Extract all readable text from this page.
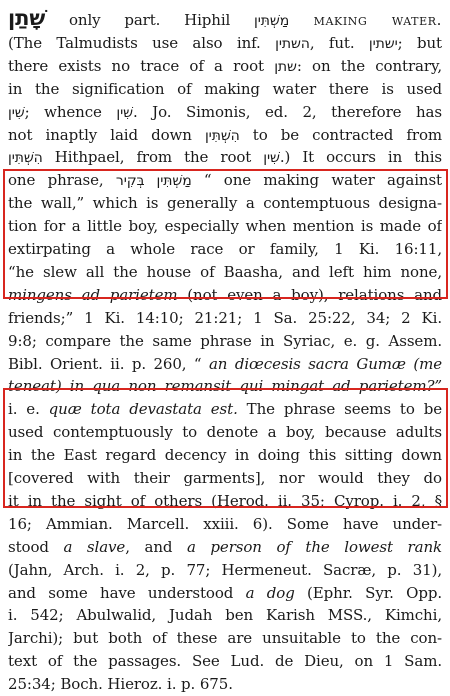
שָׁתַן only part. Hiphil מַשְׁתִּין making water.
(The Talmudists use also inf. השתין, fut. ישתין; but
there exists no trace of a root שתן: on the contrary,
in the signification of making water there is used
שִׁין; whence שִׁין. Jo. Simonis, ed. 2, therefore has
not inaptly laid down הִשְׁתִּין to be contracted from
הִשְׁתִּין Hithpael, from the root שִׁין.) It occurs in this
one phrase, מַשְׁתִּין בְּקִיר “ one making water against
the wall,” which is generally a contemptuous designa-
tion for a little boy, especially when mention is made of
extirpating a whole race or family, 1 Ki. 16:11,
“he slew all the house of Baasha, and left him none,
mingens ad parietem (not even a boy), relations and
friends;” 1 Ki. 14:10; 21:21; 1 Sa. 25:22, 34; 2 Ki.
9:8; compare the same phrase in Syriac, e. g. Assem.
Bibl. Orient. ii. p. 260, “ an diœcesis sacra Gumæ (me
teneat) in qua non remansit qui mingat ad parietem?”
i. e. quæ tota devastata est. The phrase seems to be
used contemptuously to denote a boy, because adults
in the East regard decency in doing this sitting down
[covered with their garments], nor would they do
it in the sight of others (Herod. ii. 35; Cyrop. i. 2, §
16; Ammian. Marcell. xxiii. 6). Some have under-
stood a slave, and a person of the lowest rank
(Jahn, Arch. i. 2, p. 77; Hermeneut. Sacræ, p. 31),
and some have understood a dog (Ephr. Syr. Opp.
i. 542; Abulwalid, Judah ben Karish MSS., Kimchi,
Jarchi); but both of these are unsuitable to the con-
text of the passages. See Lud. de Dieu, on 1 Sam.
25:34; Boch. Hieroz. i. p. 675.
